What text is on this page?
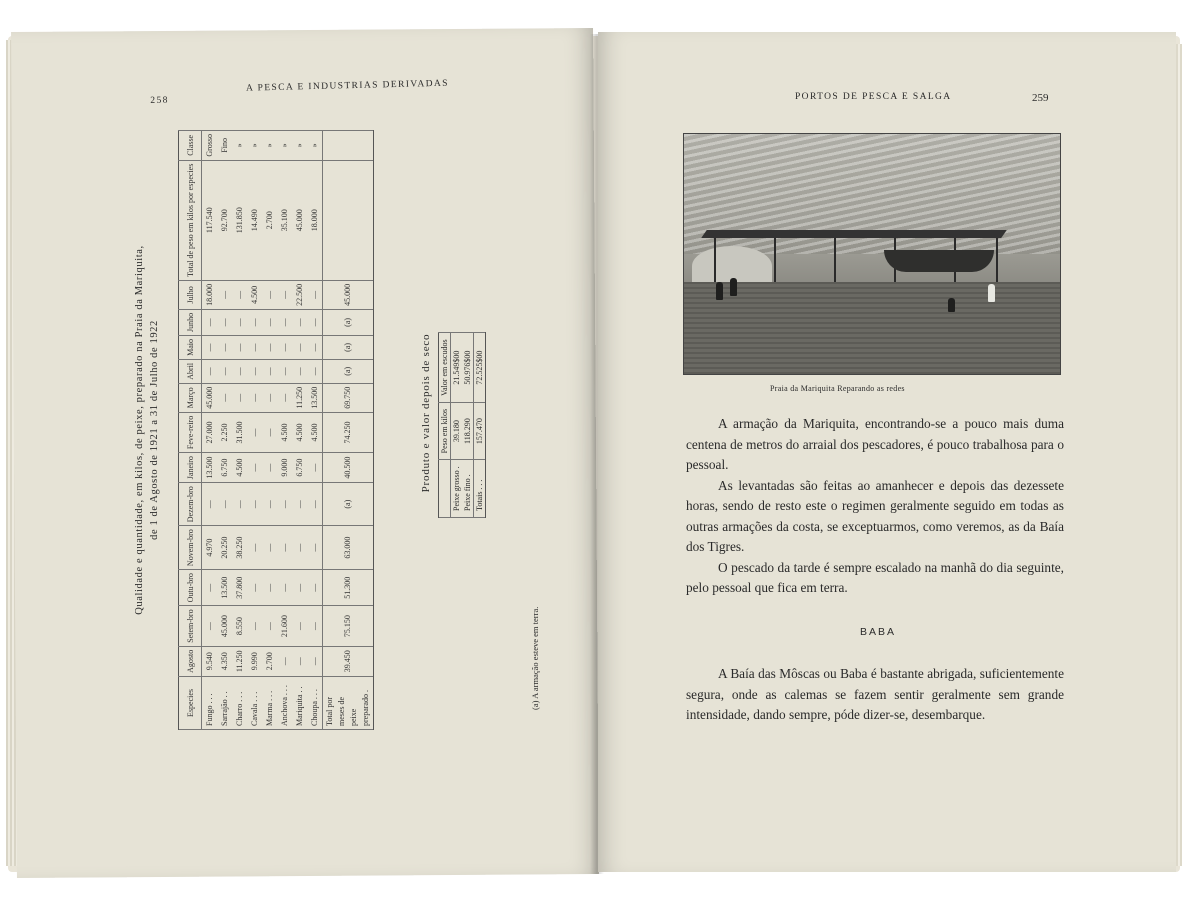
258
A PESCA E INDUSTRIAS DERIVADAS
Qualidade e quantidade, em kilos, de peixe, preparado na Praia da Mariquita, de 1 de Agosto de 1921 a 31 de Julho de 1922
Especies	Agosto	Setem-bro	Outu-bro	Novem-bro	Dezem-bro	Janeiro	Feve-reiro	Março	Abril	Maio	Junho	Julho	Total de peso em kilos por especies	Classe
Fungo . . .	9.540	—	—	4.970	—	13.500	27.000	45.000	—	—	—	18.000	117.540	Grosso
Sarrajão . .	4.350	45.000	13.500	20.250	—	6.750	2.250	—	—	—	—	—	92.700	Fino
Charro . . .	11.250	8.550	37.800	38.250	—	4.500	31.500	—	—	—	—	—	131.850	»
Cavala . . .	9.990	—	—	—	—	—	—	—	—	—	—	4.500	14.490	»
Marma . . .	2.700	—	—	—	—	—	—	—	—	—	—	—	2.700	»
Anchova . . .	—	21.600	—	—	—	9.000	4.500	—	—	—	—	—	35.100	»
Mariquita . .	—	—	—	—	—	6.750	4.500	11.250	—	—	—	22.500	45.000	»
Choupa . . .	—	—	—	—	—	—	4.500	13.500	—	—	—	—	18.000	»
Total por meses de peixe preparado .	39.450	75.150	51.300	63.000	(a)	40.500	74.250	69.750	(a)	(a)	(a)	45.000		
Produto e valor depois de seco
	Peso em kilos	Valor em escudos
Peixe grosso .	39.180	21.549$00
Peixe fino .	118.290	50.976$00
Totais . . .	157.470	72.525$00
(a) A armação esteve em terra.
PORTOS DE PESCA E SALGA	259
Praia da Mariquita Reparando as redes

A armação da Mariquita, encontrando-se a pouco mais duma centena de metros do arraial dos pescadores, é pouco trabalhosa para o pessoal.

As levantadas são feitas ao amanhecer e depois das dezessete horas, sendo de resto este o regimen geralmente seguido em todas as outras armações da costa, se exceptuarmos, como veremos, as da Baía dos Tigres.

O pescado da tarde é sempre escalado na manhã do dia seguinte, pelo pessoal que fica em terra.

BABA

A Baía das Môscas ou Baba é bastante abrigada, suficientemente segura, onde as calemas se fazem sentir geralmente sem grande intensidade, dando sempre, póde dizer-se, desembarque.
